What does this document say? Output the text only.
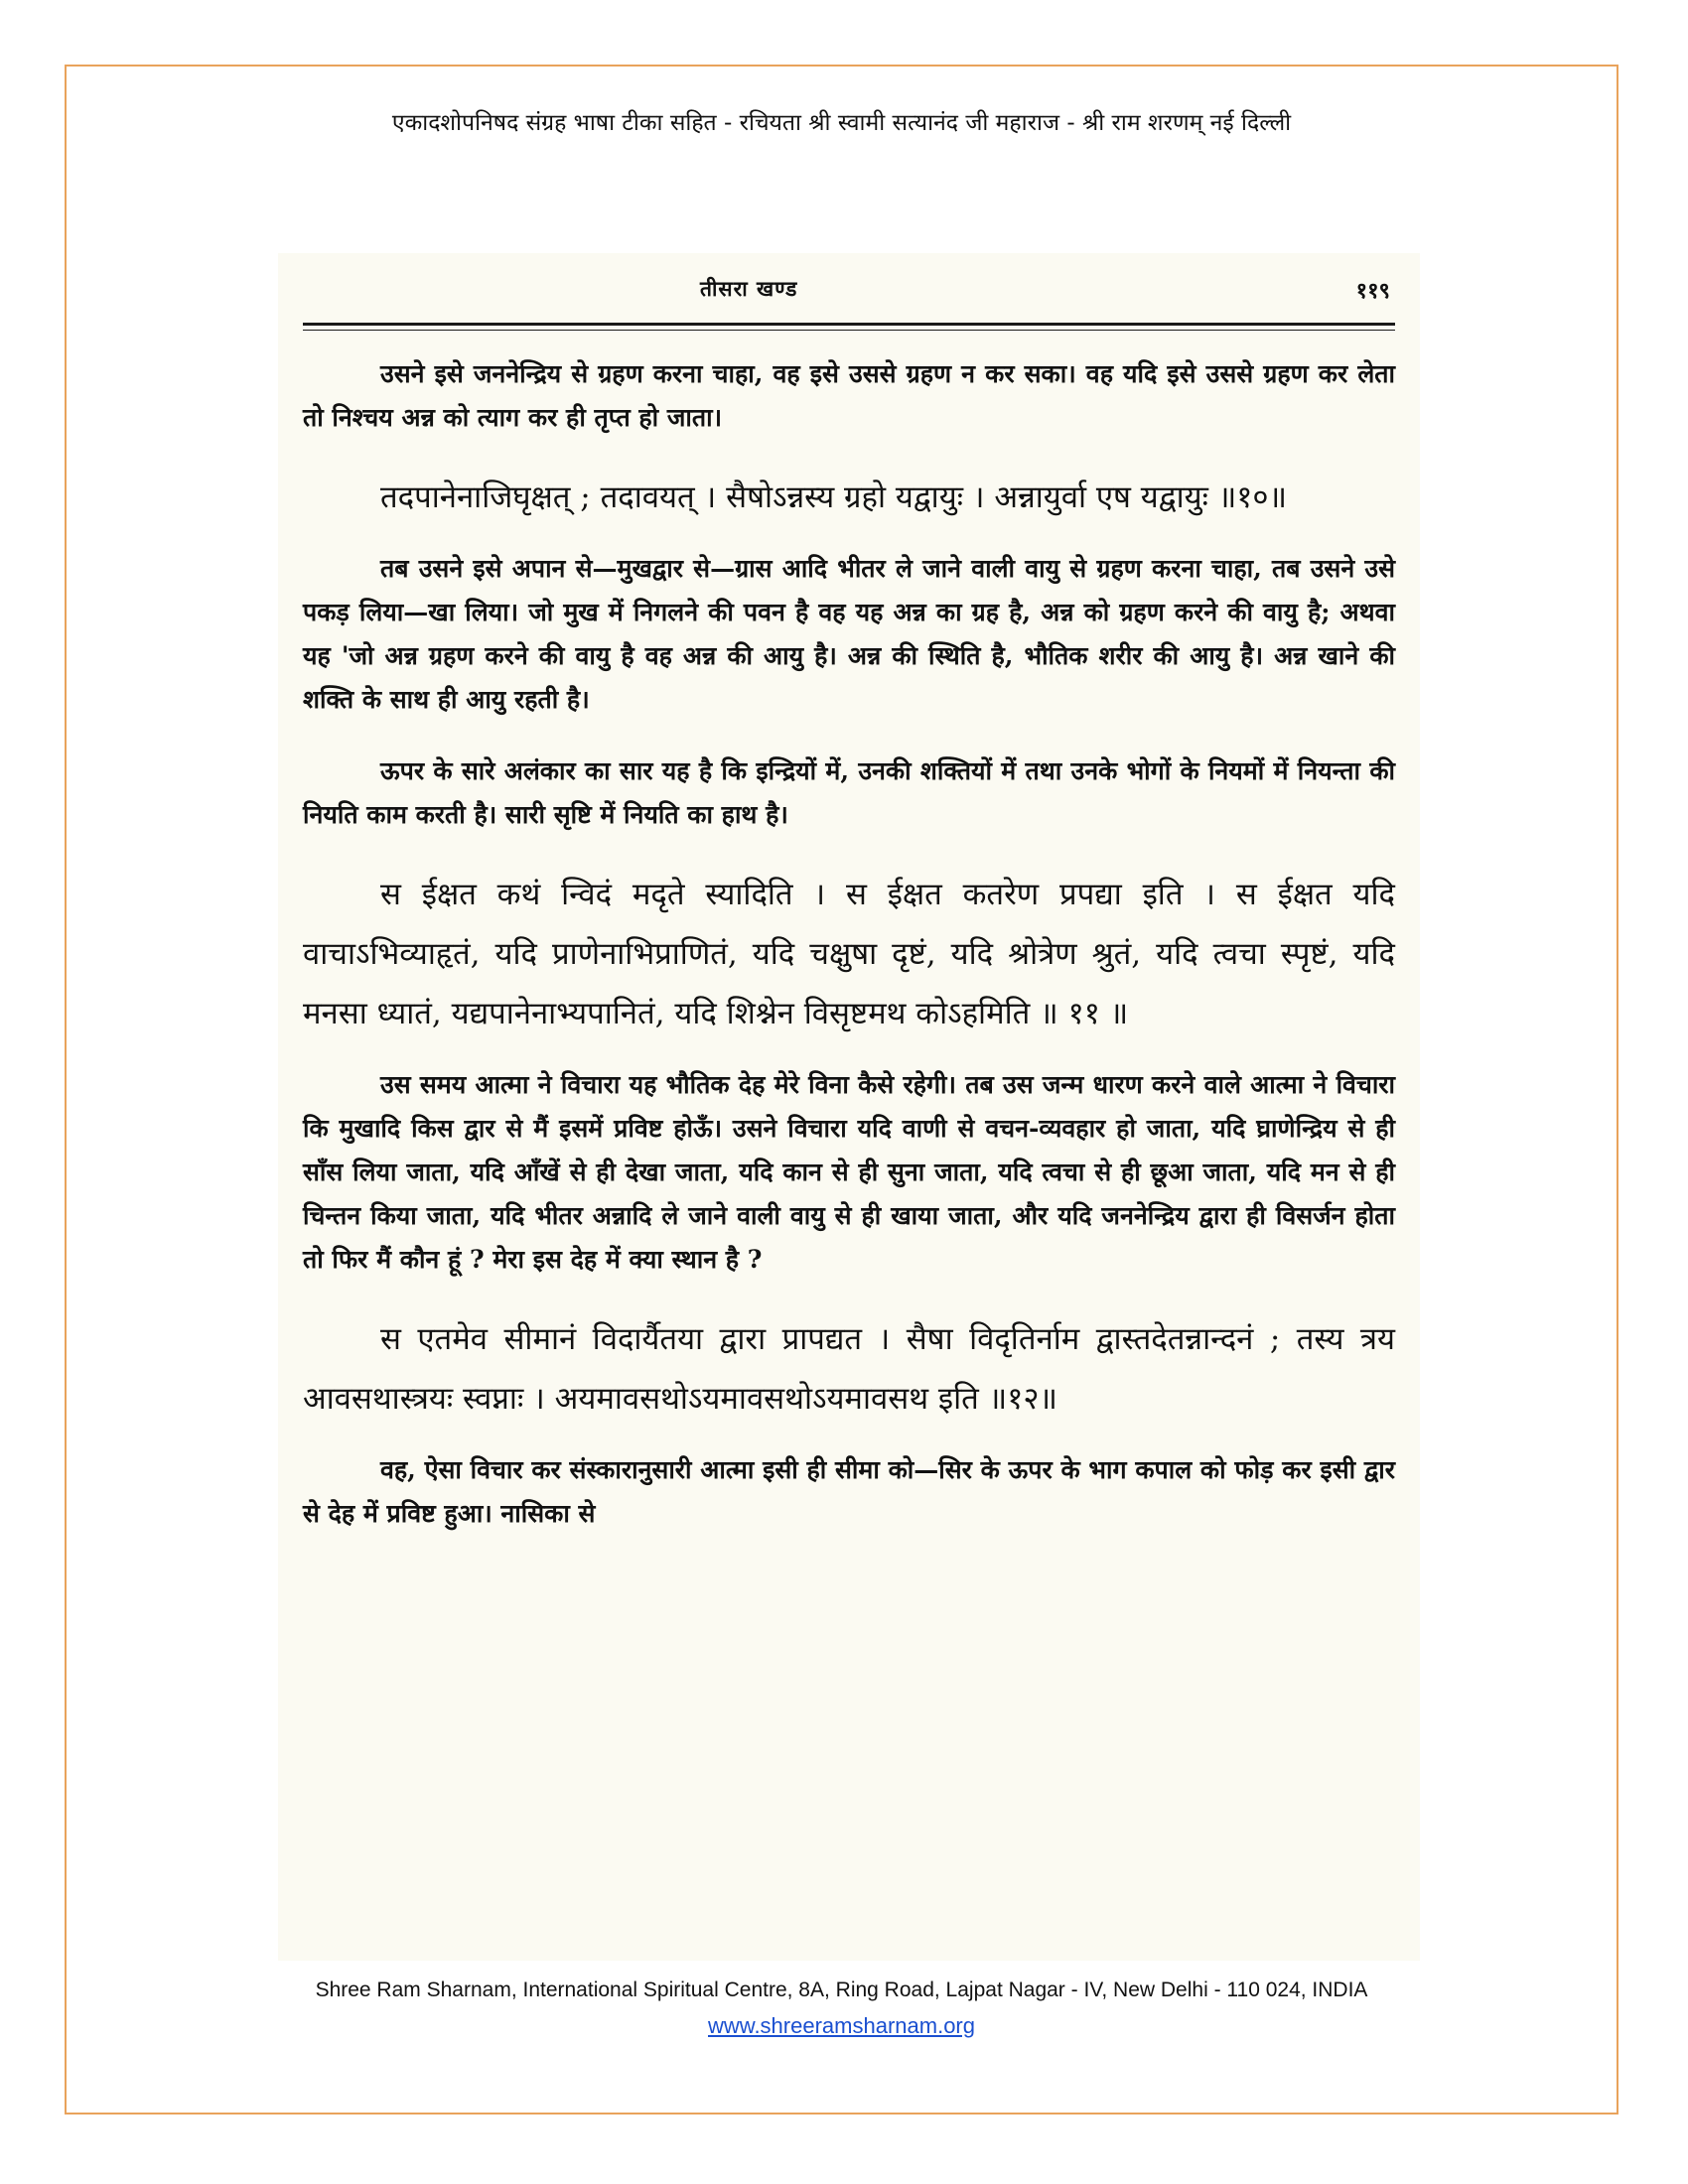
एकादशोपनिषद संग्रह भाषा टीका सहित - रचियता श्री स्वामी सत्यानंद जी महाराज - श्री राम शरणम् नई दिल्ली
तीसरा खण्ड	११९

उसने इसे जननेन्द्रिय से ग्रहण करना चाहा, वह इसे उससे ग्रहण न कर सका। वह यदि इसे उससे ग्रहण कर लेता तो निश्चय अन्न को त्याग कर ही तृप्त हो जाता।

तदपानेनाजिघृक्षत् ; तदावयत् । सैषोऽन्नस्य ग्रहो यद्वायुः । अन्नायुर्वा एष यद्वायुः ॥१०॥

तब उसने इसे अपान से—मुखद्वार से—ग्रास आदि भीतर ले जाने वाली वायु से ग्रहण करना चाहा, तब उसने उसे पकड़ लिया—खा लिया। जो मुख में निगलने की पवन है वह यह अन्न का ग्रह है, अन्न को ग्रहण करने की वायु है; अथवा यह 'जो अन्न ग्रहण करने की वायु है वह अन्न की आयु है। अन्न की स्थिति है, भौतिक शरीर की आयु है। अन्न खाने की शक्ति के साथ ही आयु रहती है।

ऊपर के सारे अलंकार का सार यह है कि इन्द्रियों में, उनकी शक्तियों में तथा उनके भोगों के नियमों में नियन्ता की नियति काम करती है। सारी सृष्टि में नियति का हाथ है।

स ईक्षत कथं न्विदं मदृते स्यादिति । स ईक्षत कतरेण प्रपद्या इति । स ईक्षत यदि वाचाऽभिव्याहृतं, यदि प्राणेनाभिप्राणितं, यदि चक्षुषा दृष्टं, यदि श्रोत्रेण श्रुतं, यदि त्वचा स्पृष्टं, यदि मनसा ध्यातं, यद्यपानेनाभ्यपानितं, यदि शिश्नेन विसृष्टमथ कोऽहमिति ॥ ११ ॥

उस समय आत्मा ने विचारा यह भौतिक देह मेरे विना कैसे रहेगी। तब उस जन्म धारण करने वाले आत्मा ने विचारा कि मुखादि किस द्वार से मैं इसमें प्रविष्ट होऊँ। उसने विचारा यदि वाणी से वचन-व्यवहार हो जाता, यदि घ्राणेन्द्रिय से ही साँस लिया जाता, यदि आँखें से ही देखा जाता, यदि कान से ही सुना जाता, यदि त्वचा से ही छूआ जाता, यदि मन से ही चिन्तन किया जाता, यदि भीतर अन्नादि ले जाने वाली वायु से ही खाया जाता, और यदि जननेन्द्रिय द्वारा ही विसर्जन होता तो फिर मैं कौन हूं ? मेरा इस देह में क्या स्थान है ?

स एतमेव सीमानं विदार्यैतया द्वारा प्रापद्यत । सैषा विदृतिर्नाम द्वास्तदेतन्नान्दनं ; तस्य त्रय आवसथास्त्रयः स्वप्नाः । अयमावसथोऽयमावसथोऽयमावसथ इति ॥१२॥

वह, ऐसा विचार कर संस्कारानुसारी आत्मा इसी ही सीमा को—सिर के ऊपर के भाग कपाल को फोड़ कर इसी द्वार से देह में प्रविष्ट हुआ। नासिका से

Shree Ram Sharnam, International Spiritual Centre, 8A, Ring Road, Lajpat Nagar - IV, New Delhi - 110 024, INDIA
www.shreeramsharnam.org
